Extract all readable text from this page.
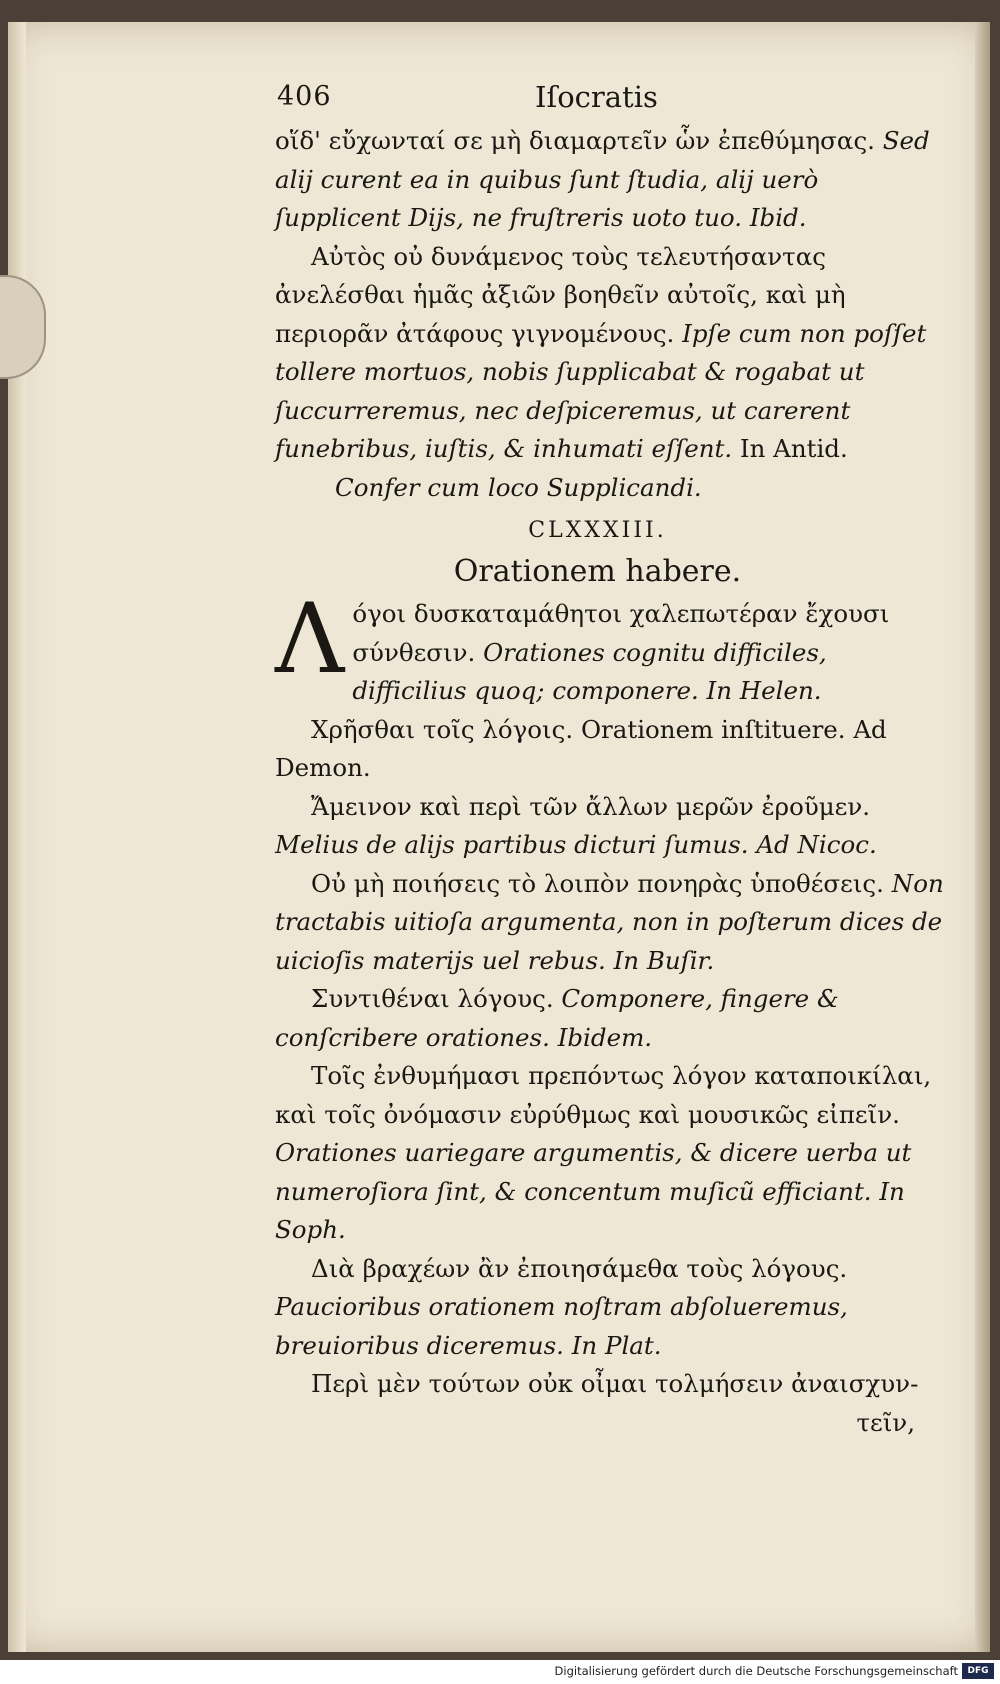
406	Iſocratis

οἵδ' εὔχωνταί σε μὴ διαμαρτεῖν ὧν ἐπεθύμησας. Sed alij curent ea in quibus ſunt ſtudia, alij uerò ſupplicent Dijs, ne fruſtreris uoto tuo. Ibid.

Αὐτὸς οὐ δυνάμενος τοὺς τελευτήσαντας ἀνελέσθαι ἡμᾶς ἀξιῶν βοηθεῖν αὐτοῖς, καὶ μὴ περιορᾶν ἀτάφους γιγνομένους. Ipſe cum non poſſet tollere mortuos, nobis ſupplicabat & rogabat ut ſuccurreremus, nec deſpiceremus, ut carerent funebribus, iuſtis, & inhumati eſſent. In Antid. Confer cum loco Supplicandi.

CLXXXIII.
Orationem habere.

Λ όγοι δυσκαταμάθητοι χαλεπωτέραν ἔχουσι σύνθεσιν. Orationes cognitu difficiles, difficilius quoq; componere. In Helen.

Χρῆσθαι τοῖς λόγοις. Orationem inſtituere. Ad Demon.

Ἄμεινον καὶ περὶ τῶν ἄλλων μερῶν ἐροῦμεν. Melius de alijs partibus dicturi ſumus. Ad Nicoc.

Οὐ μὴ ποιήσεις τὸ λοιπὸν πονηρὰς ὑποθέσεις. Non tractabis uitioſa argumenta, non in poſterum dices de uicioſis materijs uel rebus. In Buſir.

Συντιθέναι λόγους. Componere, fingere & conſcribere orationes. Ibidem.

Τοῖς ἐνθυμήμασι πρεπόντως λόγον καταποικίλαι, καὶ τοῖς ὀνόμασιν εὐρύθμως καὶ μουσικῶς εἰπεῖν. Orationes uariegare argumentis, & dicere uerba ut numeroſiora ſint, & concentum muſicũ efficiant. In Soph.

Διὰ βραχέων ἂν ἐποιησάμεθα τοὺς λόγους. Paucioribus orationem noſtram abſolueremus, breuioribus diceremus. In Plat.

Περὶ μὲν τούτων οὐκ οἶμαι τολμήσειν ἀναισχυν-

τεῖν,
Digitalisierung gefördert durch die Deutsche Forschungsgemeinschaft	DFG
